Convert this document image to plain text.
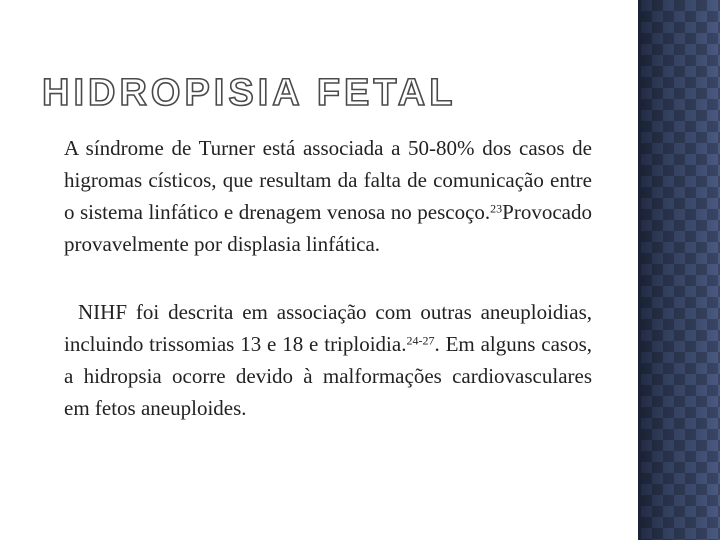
HIDROPISIA FETAL

A síndrome de Turner está associada a 50-80% dos casos de higromas císticos, que resultam da falta de comunicação entre o sistema linfático e drenagem venosa no pescoço.$^{23}$Provocado provavelmente por displasia linfática.

NIHF foi descrita em associação com outras aneuploidias, incluindo trissomias 13 e 18 e triploidia.$^{24-27}$. Em alguns casos, a hidropsia ocorre devido à malformações cardiovasculares em fetos aneuploides.
